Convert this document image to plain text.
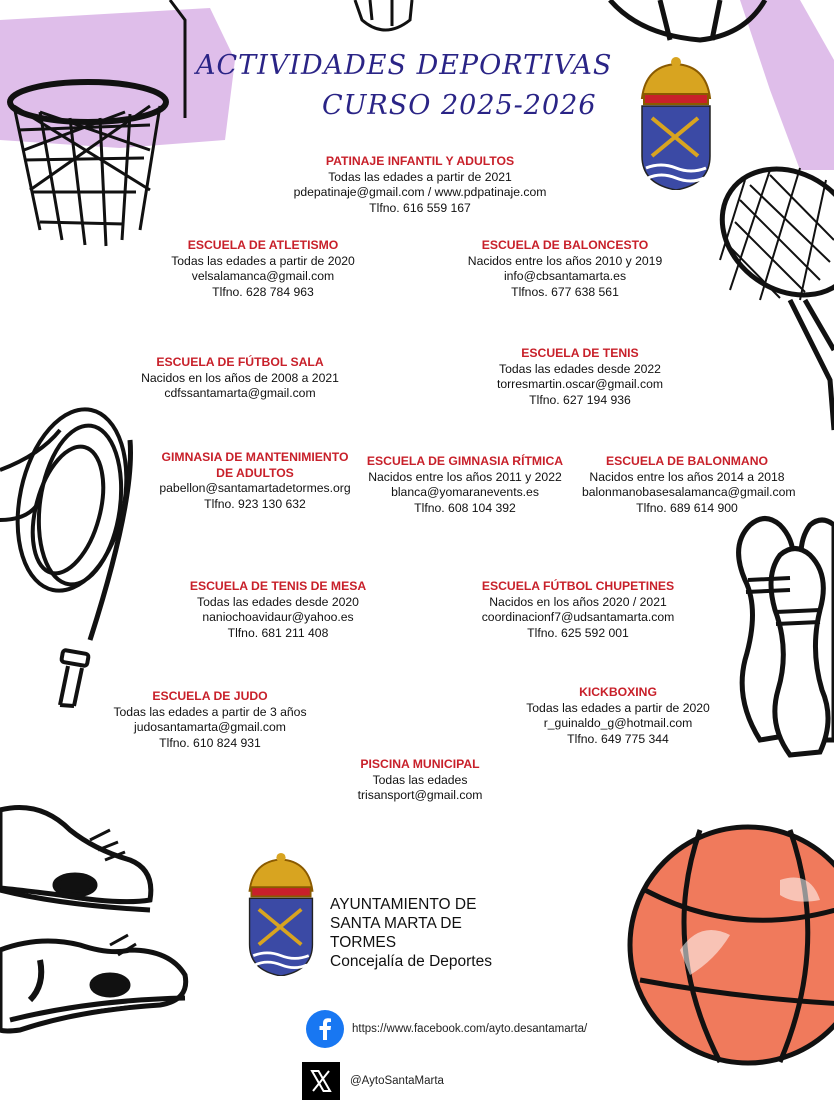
ACTIVIDADES DEPORTIVAS
CURSO 2025-2026
PATINAJE INFANTIL Y ADULTOS
Todas las edades a partir de 2021
pdepatinaje@gmail.com / www.pdpatinaje.com
Tlfno. 616 559 167
ESCUELA DE ATLETISMO
Todas las edades a partir de 2020
velsalamanca@gmail.com
Tlfno. 628 784 963
ESCUELA DE BALONCESTO
Nacidos entre los años 2010 y 2019
info@cbsantamarta.es
Tlfnos. 677 638 561
ESCUELA DE FÚTBOL SALA
Nacidos en los años de 2008 a 2021
cdfssantamarta@gmail.com
ESCUELA DE TENIS
Todas las edades desde 2022
torresmartin.oscar@gmail.com
Tlfno. 627 194 936
GIMNASIA DE MANTENIMIENTO
DE ADULTOS
pabellon@santamartadetormes.org
Tlfno. 923 130 632
ESCUELA DE GIMNASIA RÍTMICA
Nacidos entre los años 2011 y 2022
blanca@yomaranevents.es
Tlfno. 608 104 392
ESCUELA DE BALONMANO
Nacidos entre los años 2014 a 2018
balonmanobasesalamanca@gmail.com
Tlfno. 689 614 900
ESCUELA DE TENIS DE MESA
Todas las edades desde 2020
naniochoavidaur@yahoo.es
Tlfno. 681 211 408
ESCUELA FÚTBOL CHUPETINES
Nacidos en los años 2020 / 2021
coordinacionf7@udsantamarta.com
Tlfno. 625 592 001
ESCUELA DE JUDO
Todas las edades a partir de 3 años
judosantamarta@gmail.com
Tlfno. 610 824 931
KICKBOXING
Todas las edades a partir de 2020
r_guinaldo_g@hotmail.com
Tlfno. 649 775 344
PISCINA MUNICIPAL
Todas las edades
trisansport@gmail.com
AYUNTAMIENTO DE
SANTA MARTA DE
TORMES
Concejalía de Deportes
https://www.facebook.com/ayto.desantamarta/
@AytoSantaMarta
